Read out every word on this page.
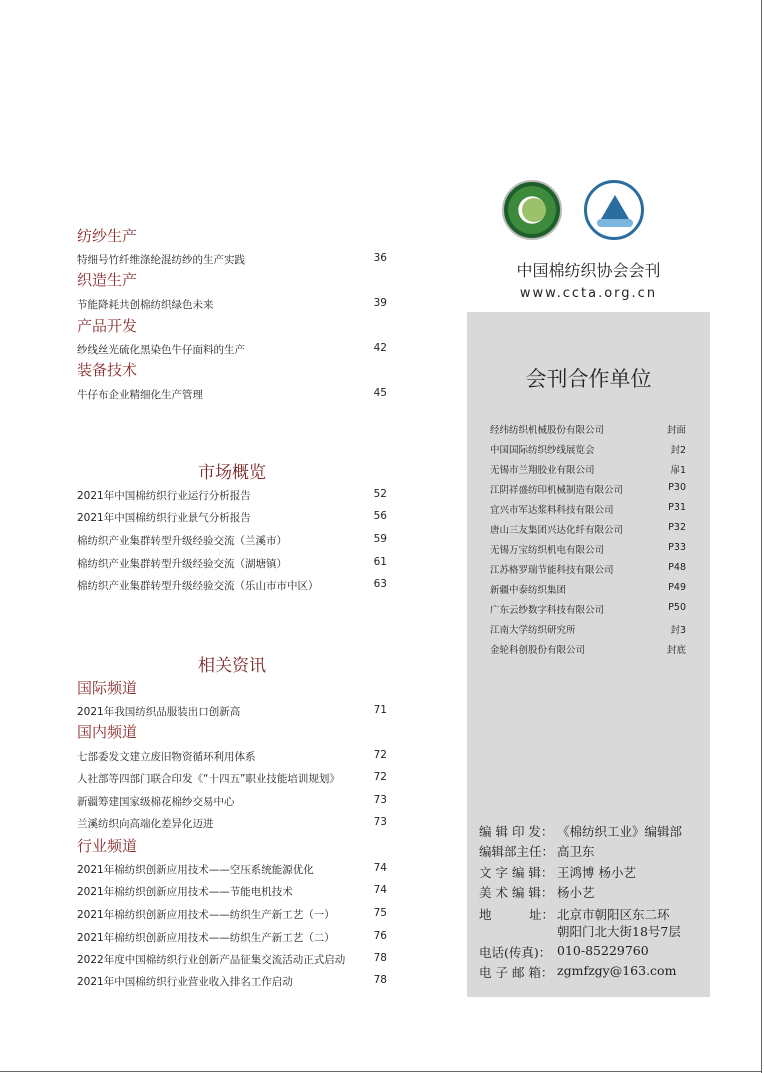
纺纱生产
特细号竹纤维涤纶混纺纱的生产实践	36
织造生产
节能降耗共创棉纺织绿色未来	39
产品开发
纱线丝光硫化黑染色牛仔面料的生产	42
装备技术
牛仔布企业精细化生产管理	45
市场概览
2021年中国棉纺织行业运行分析报告	52
2021年中国棉纺织行业景气分析报告	56
棉纺织产业集群转型升级经验交流（兰溪市）	59
棉纺织产业集群转型升级经验交流（湖塘镇）	61
棉纺织产业集群转型升级经验交流（乐山市市中区）	63
相关资讯
国际频道
2021年我国纺织品服装出口创新高	71
国内频道
七部委发文建立废旧物资循环利用体系	72
人社部等四部门联合印发《“十四五”职业技能培训规划》	72
新疆筹建国家级棉花棉纱交易中心	73
兰溪纺织向高端化差异化迈进	73
行业频道
2021年棉纺织创新应用技术——空压系统能源优化	74
2021年棉纺织创新应用技术——节能电机技术	74
2021年棉纺织创新应用技术——纺织生产新工艺（一）	75
2021年棉纺织创新应用技术——纺织生产新工艺（二）	76
2022年度中国棉纺织行业创新产品征集交流活动正式启动	78
2021年中国棉纺织行业营业收入排名工作启动	78
中国棉纺织协会会刊
www.ccta.org.cn
会刊合作单位
经纬纺织机械股份有限公司	封面
中国国际纺织纱线展览会	封2
无锡市兰翔胶业有限公司	扉1
江阴祥盛纺印机械制造有限公司	P30
宜兴市军达浆料科技有限公司	P31
唐山三友集团兴达化纤有限公司	P32
无锡万宝纺织机电有限公司	P33
江苏格罗瑞节能科技有限公司	P48
新疆中泰纺织集团	P49
广东云纱数字科技有限公司	P50
江南大学纺织研究所	封3
金轮科创股份有限公司	封底
编 辑 印 发： 《棉纺织工业》编辑部
编辑部主任： 高卫东
文 字 编 辑： 王鸿博 杨小艺
美 术 编 辑： 杨小艺
地　　　址： 北京市朝阳区东二环
朝阳门北大街18号7层
电话(传真)： 010-85229760
电 子 邮 箱： zgmfzgy@163.com
